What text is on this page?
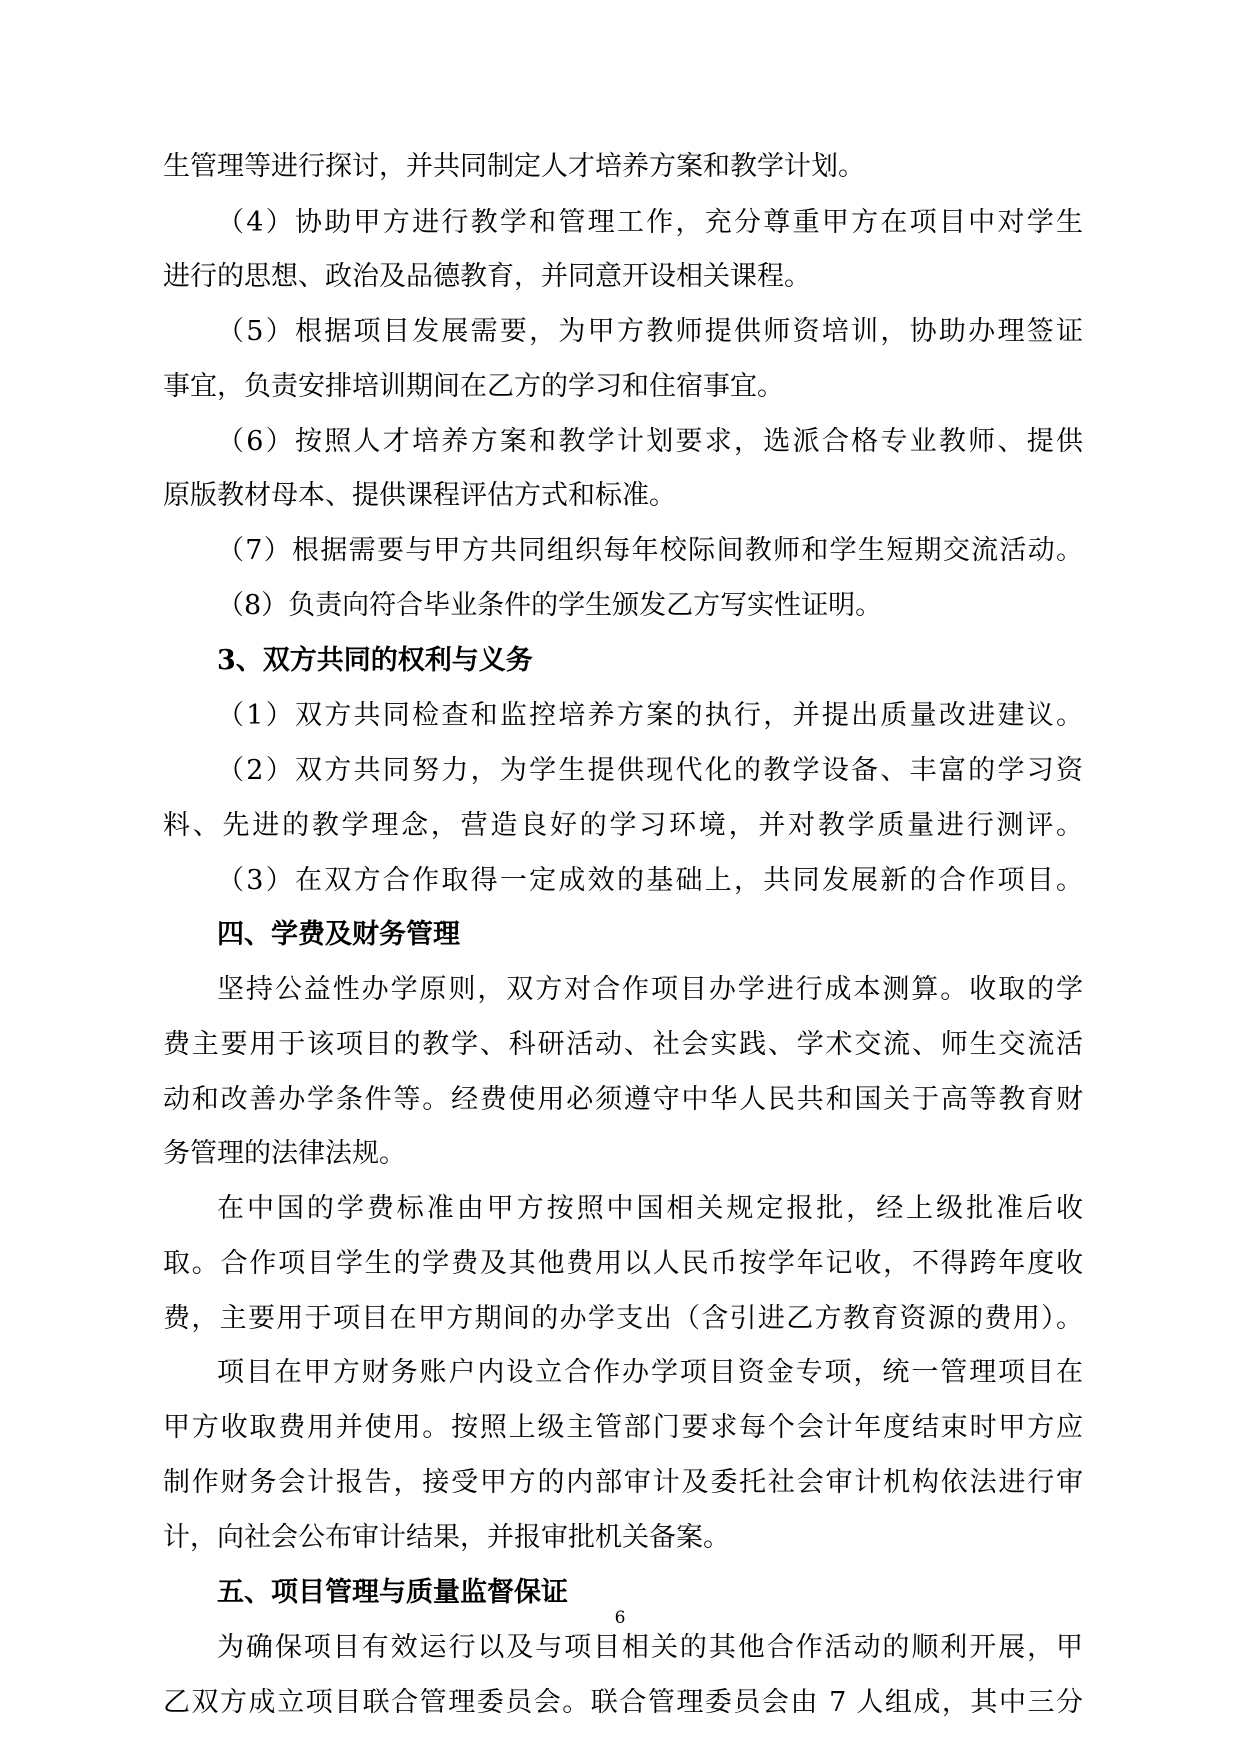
生管理等进行探讨，并共同制定人才培养方案和教学计划。
（4）协助甲方进行教学和管理工作，充分尊重甲方在项目中对学生
进行的思想、政治及品德教育，并同意开设相关课程。
（5）根据项目发展需要，为甲方教师提供师资培训，协助办理签证
事宜，负责安排培训期间在乙方的学习和住宿事宜。
（6）按照人才培养方案和教学计划要求，选派合格专业教师、提供
原版教材母本、提供课程评估方式和标准。
（7）根据需要与甲方共同组织每年校际间教师和学生短期交流活动。
（8）负责向符合毕业条件的学生颁发乙方写实性证明。
3、双方共同的权利与义务
（1）双方共同检查和监控培养方案的执行，并提出质量改进建议。
（2）双方共同努力，为学生提供现代化的教学设备、丰富的学习资
料、先进的教学理念，营造良好的学习环境，并对教学质量进行测评。
（3）在双方合作取得一定成效的基础上，共同发展新的合作项目。
四、学费及财务管理
坚持公益性办学原则，双方对合作项目办学进行成本测算。收取的学
费主要用于该项目的教学、科研活动、社会实践、学术交流、师生交流活
动和改善办学条件等。经费使用必须遵守中华人民共和国关于高等教育财
务管理的法律法规。
在中国的学费标准由甲方按照中国相关规定报批，经上级批准后收
取。合作项目学生的学费及其他费用以人民币按学年记收，不得跨年度收
费，主要用于项目在甲方期间的办学支出（含引进乙方教育资源的费用）。
项目在甲方财务账户内设立合作办学项目资金专项，统一管理项目在
甲方收取费用并使用。按照上级主管部门要求每个会计年度结束时甲方应
制作财务会计报告，接受甲方的内部审计及委托社会审计机构依法进行审
计，向社会公布审计结果，并报审批机关备案。
五、项目管理与质量监督保证
为确保项目有效运行以及与项目相关的其他合作活动的顺利开展，甲
乙双方成立项目联合管理委员会。联合管理委员会由 7 人组成，其中三分
6
